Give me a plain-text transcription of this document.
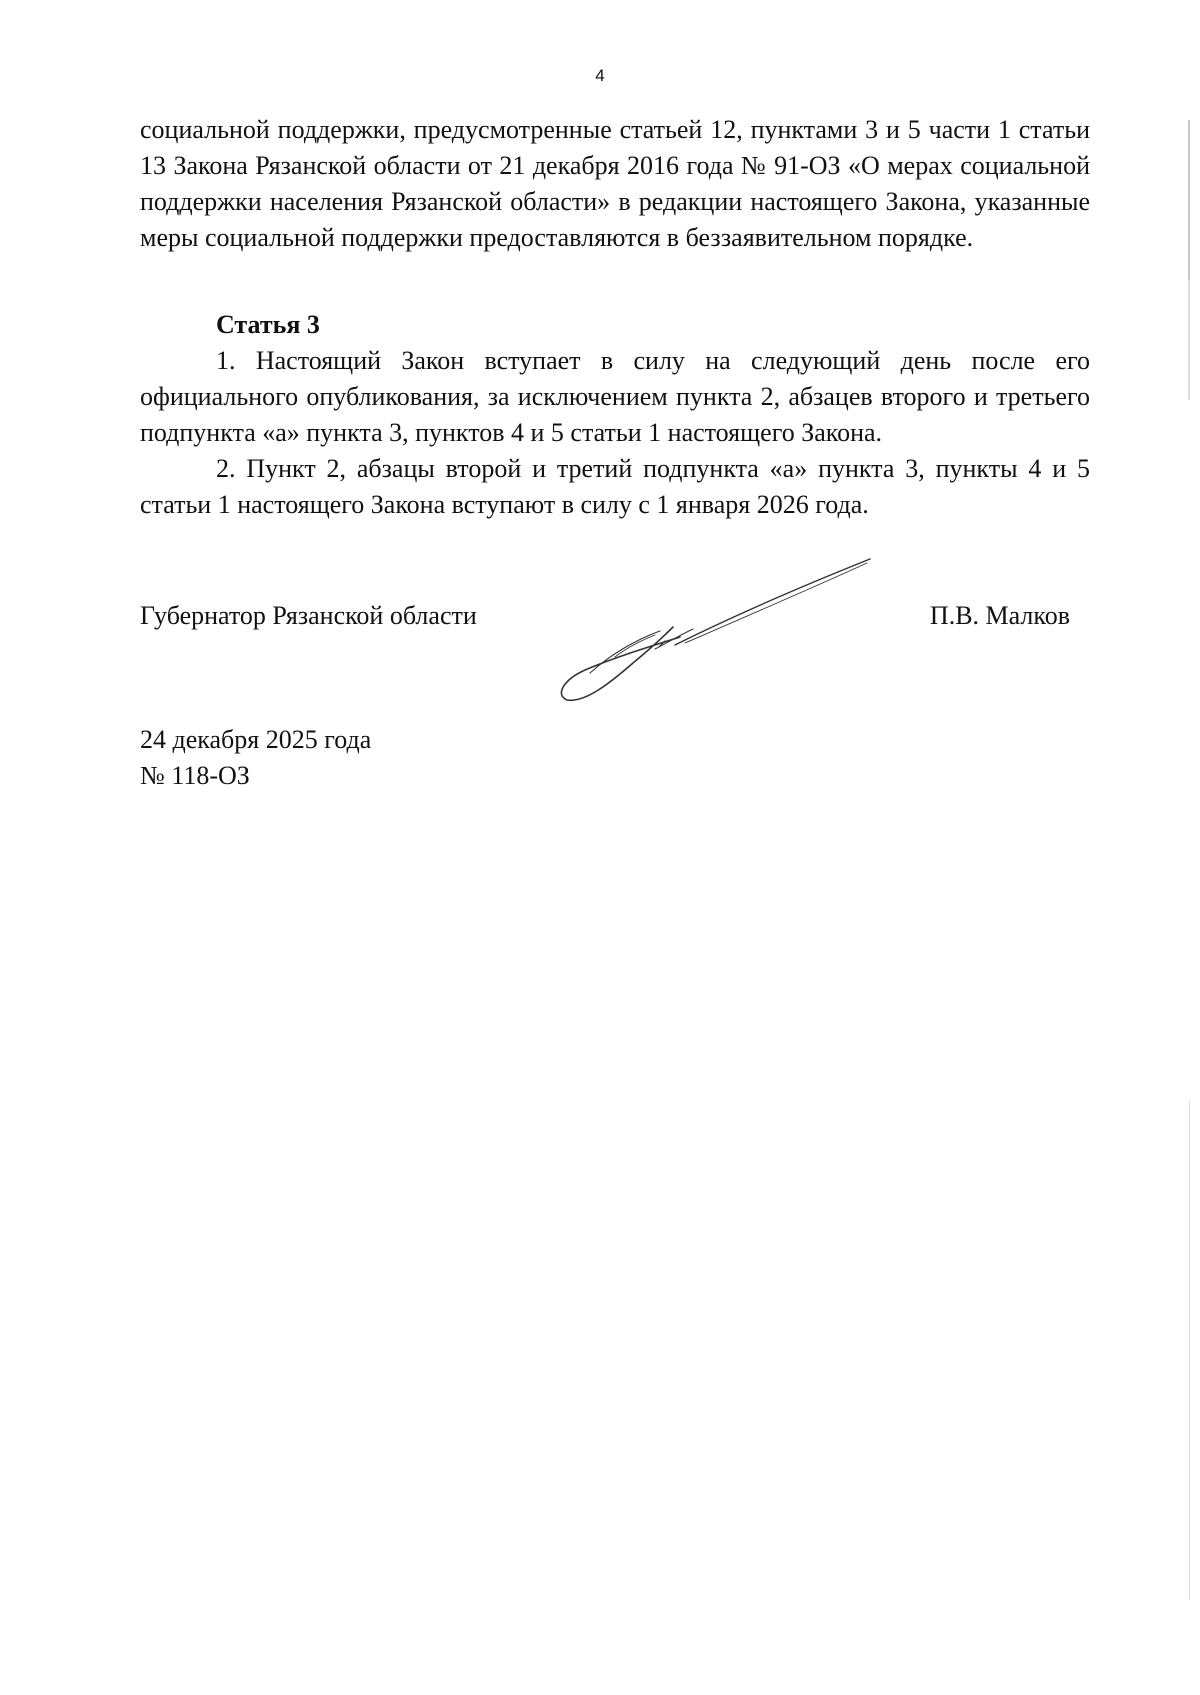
4

социальной поддержки, предусмотренные статьей 12, пунктами 3 и 5 части 1 статьи 13 Закона Рязанской области от 21 декабря 2016 года № 91-ОЗ «О мерах социальной поддержки населения Рязанской области» в редакции настоящего Закона, указанные меры социальной поддержки предоставляются в беззаявительном порядке.

Статья 3

1. Настоящий Закон вступает в силу на следующий день после его официального опубликования, за исключением пункта 2, абзацев второго и третьего подпункта «а» пункта 3, пунктов 4 и 5 статьи 1 настоящего Закона.

2. Пункт 2, абзацы второй и третий подпункта «а» пункта 3, пункты 4 и 5 статьи 1 настоящего Закона вступают в силу с 1 января 2026 года.

Губернатор Рязанской области	П.В. Малков
24 декабря 2025 года
№ 118-ОЗ
